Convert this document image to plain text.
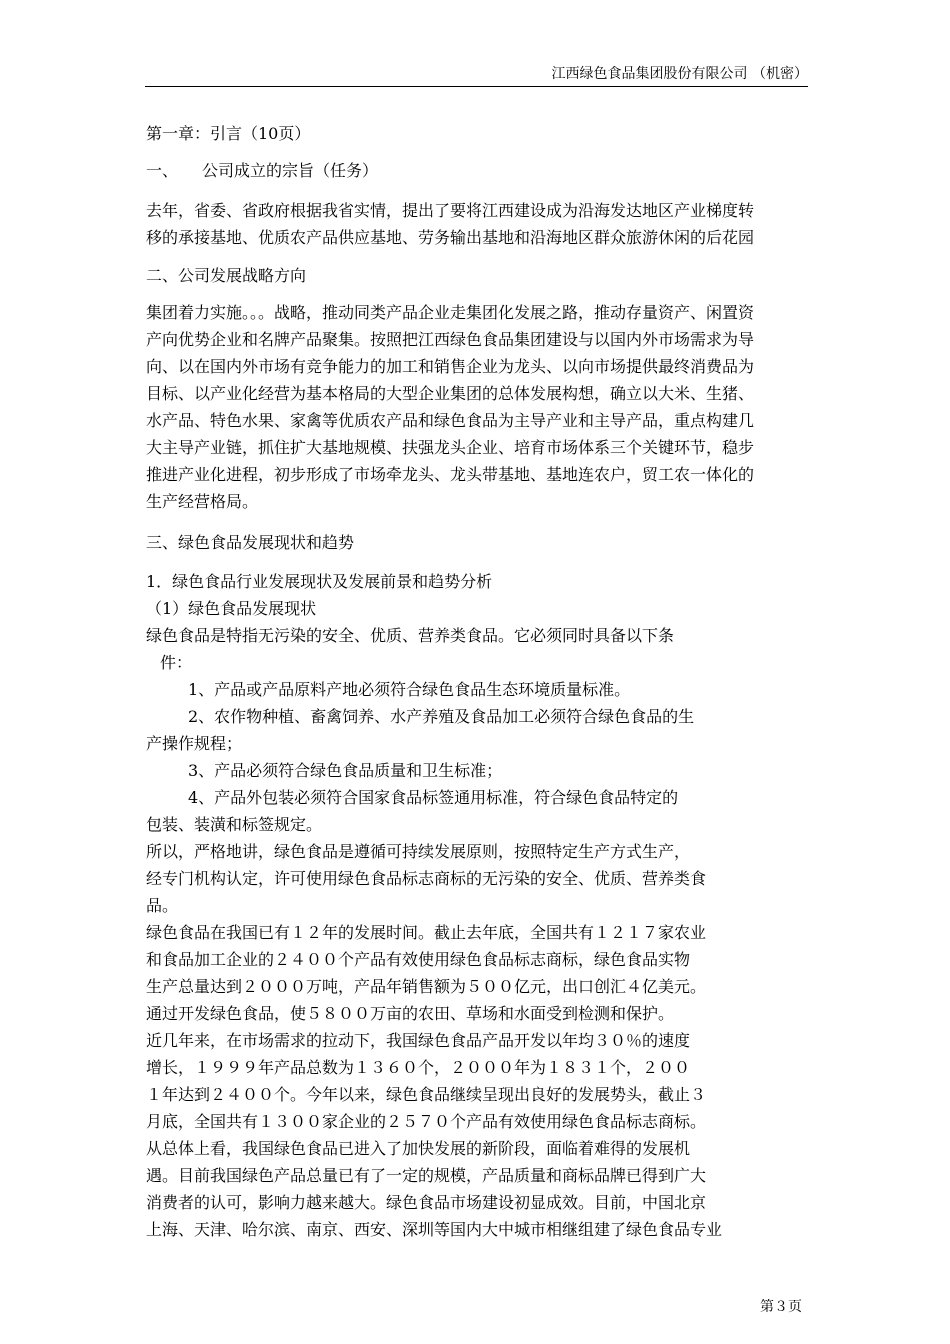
江西绿色食品集团股份有限公司 （机密）

第一章：引言（10页）

一、　　公司成立的宗旨（任务）

去年，省委、省政府根据我省实情，提出了要将江西建设成为沿海发达地区产业梯度转

移的承接基地、优质农产品供应基地、劳务输出基地和沿海地区群众旅游休闲的后花园

二、公司发展战略方向

集团着力实施。。。战略，推动同类产品企业走集团化发展之路，推动存量资产、闲置资

产向优势企业和名牌产品聚集。按照把江西绿色食品集团建设与以国内外市场需求为导

向、以在国内外市场有竞争能力的加工和销售企业为龙头、以向市场提供最终消费品为

目标、以产业化经营为基本格局的大型企业集团的总体发展构想，确立以大米、生猪、

水产品、特色水果、家禽等优质农产品和绿色食品为主导产业和主导产品，重点构建几

大主导产业链，抓住扩大基地规模、扶强龙头企业、培育市场体系三个关键环节，稳步

推进产业化进程，初步形成了市场牵龙头、龙头带基地、基地连农户，贸工农一体化的

生产经营格局。

三、绿色食品发展现状和趋势

1．绿色食品行业发展现状及发展前景和趋势分析

（1）绿色食品发展现状

绿色食品是特指无污染的安全、优质、营养类食品。它必须同时具备以下条

件：

1、产品或产品原料产地必须符合绿色食品生态环境质量标准。

2、农作物种植、畜禽饲养、水产养殖及食品加工必须符合绿色食品的生

产操作规程；

3、产品必须符合绿色食品质量和卫生标准；

4、产品外包装必须符合国家食品标签通用标准，符合绿色食品特定的

包装、装潢和标签规定。

所以，严格地讲，绿色食品是遵循可持续发展原则，按照特定生产方式生产，

经专门机构认定，许可使用绿色食品标志商标的无污染的安全、优质、营养类食

品。

绿色食品在我国已有１２年的发展时间。截止去年底，全国共有１２１７家农业

和食品加工企业的２４００个产品有效使用绿色食品标志商标，绿色食品实物

生产总量达到２０００万吨，产品年销售额为５００亿元，出口创汇４亿美元。

通过开发绿色食品，使５８００万亩的农田、草场和水面受到检测和保护。

近几年来，在市场需求的拉动下，我国绿色食品产品开发以年均３０％的速度

增长，１９９９年产品总数为１３６０个，２０００年为１８３１个，２００

１年达到２４００个。今年以来，绿色食品继续呈现出良好的发展势头，截止３

月底，全国共有１３００家企业的２５７０个产品有效使用绿色食品标志商标。

从总体上看，我国绿色食品已进入了加快发展的新阶段，面临着难得的发展机

遇。目前我国绿色产品总量已有了一定的规模，产品质量和商标品牌已得到广大

消费者的认可，影响力越来越大。绿色食品市场建设初显成效。目前，中国北京

上海、天津、哈尔滨、南京、西安、深圳等国内大中城市相继组建了绿色食品专业

第３页
